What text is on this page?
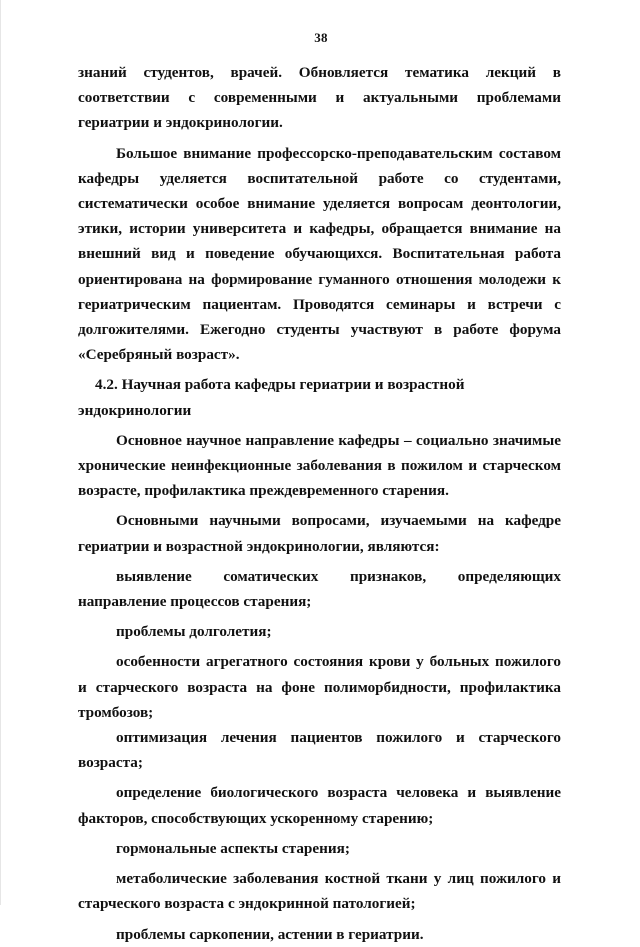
38

знаний студентов, врачей. Обновляется тематика лекций в соответствии с современными и актуальными проблемами гериатрии и эндокринологии.

Большое внимание профессорско-преподавательским составом кафедры уделяется воспитательной работе со студентами, систематически особое внимание уделяется вопросам деонтологии, этики, истории университета и кафедры, обращается внимание на внешний вид и поведение обучающихся. Воспитательная работа ориентирована на формирование гуманного отношения молодежи к гериатрическим пациентам. Проводятся семинары и встречи с долгожителями. Ежегодно студенты участвуют в работе форума «Серебряный возраст».

4.2. Научная работа кафедры гериатрии и возрастной эндокринологии

Основное научное направление кафедры – социально значимые хронические неинфекционные заболевания в пожилом и старческом возрасте, профилактика преждевременного старения.

Основными научными вопросами, изучаемыми на кафедре гериатрии и возрастной эндокринологии, являются:

выявление соматических признаков, определяющих направление процессов старения;

проблемы долголетия;

особенности агрегатного состояния крови у больных пожилого и старческого возраста на фоне полиморбидности, профилактика тромбозов;

оптимизация лечения пациентов пожилого и старческого возраста;

определение биологического возраста человека и выявление факторов, способствующих ускоренному старению;

гормональные аспекты старения;

метаболические заболевания костной ткани у лиц пожилого и старческого возраста с эндокринной патологией;

проблемы саркопении, астении в гериатрии.
